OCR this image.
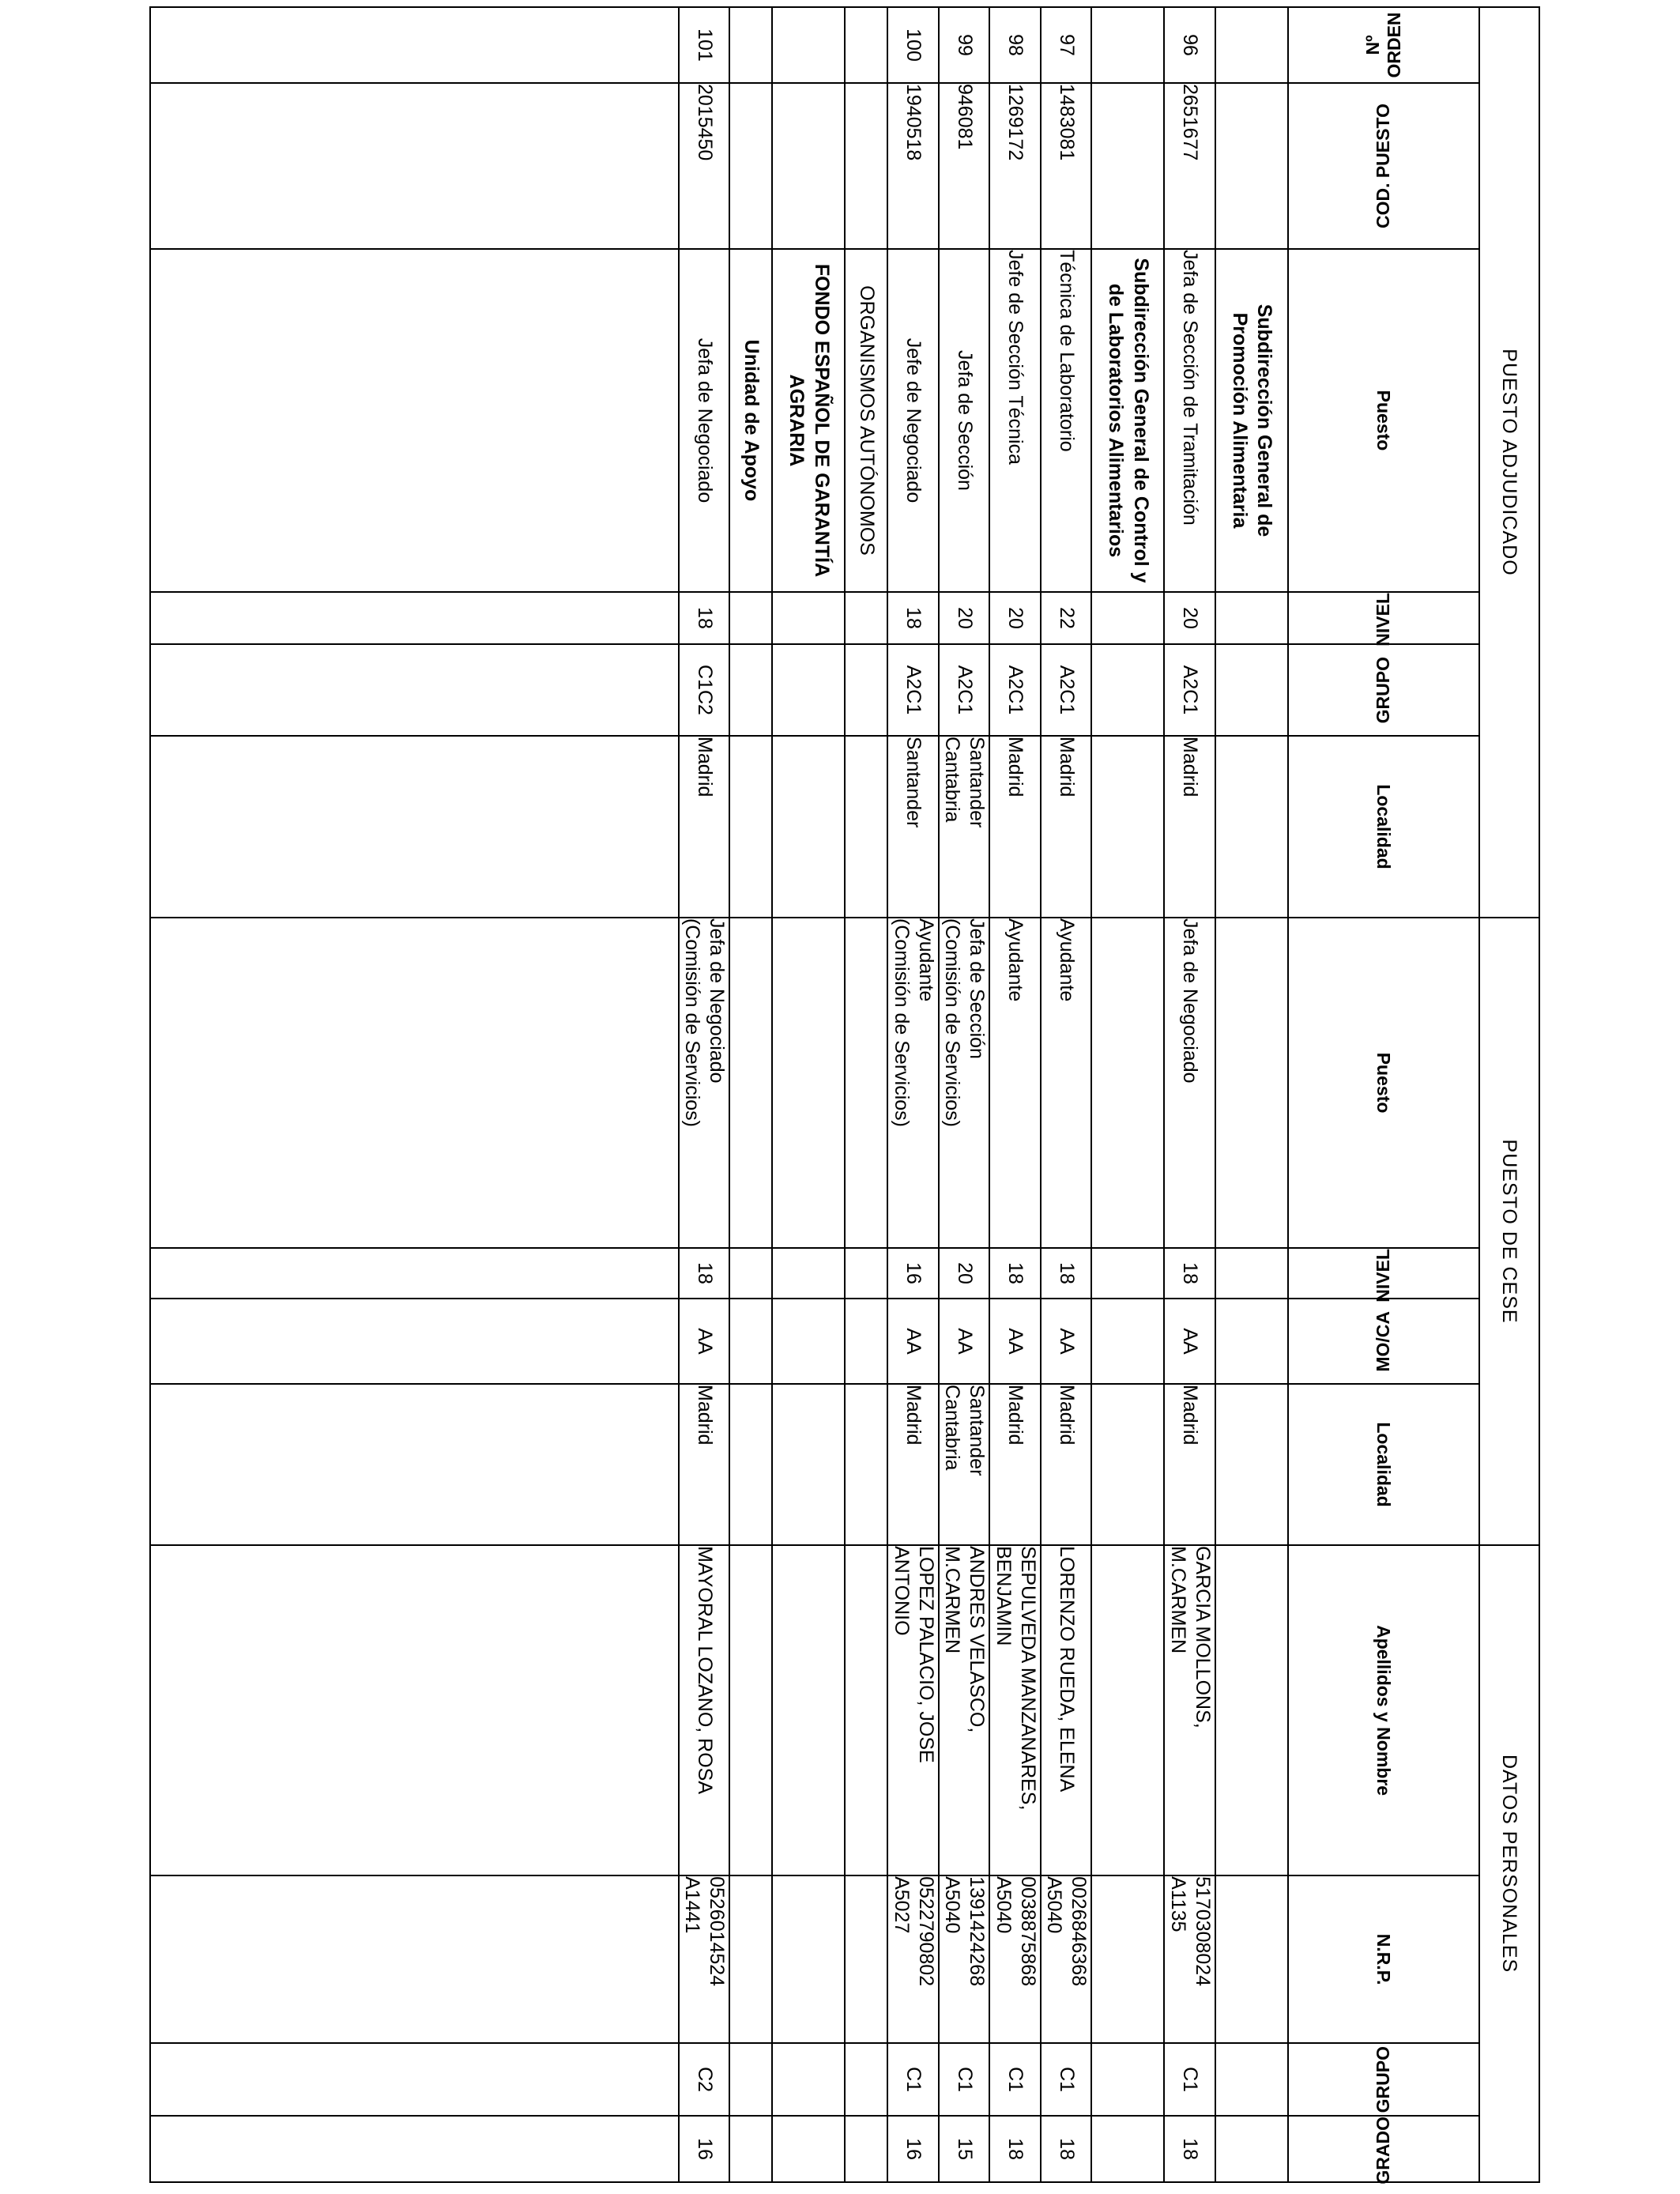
PUESTO ADJUDICADO						PUESTO DE CESE				DATOS PERSONALES			
Nº ORDEN	COD. PUESTO	Puesto	NIVEL	GRUPO	Localidad	Puesto	NIVEL	MO/CA	Localidad	Apellidos y Nombre	N.R.P.	GRUPO	GRADO
		Subdirección General de Promoción Alimentaria											
96	2651677	Jefa de Sección de Tramitación	20	A2C1	Madrid	Jefa de Negociado	18	AA	Madrid	GARCIA MOLLONS,
M.CARMEN	5170308024 A1135	C1	18
		Subdirección General de Control y de Laboratorios Alimentarios											
97	1483081	Técnica de Laboratorio	22	A2C1	Madrid	Ayudante	18	AA	Madrid	LORENZO RUEDA, ELENA	0026846368 A5040	C1	18
98	1269172	Jefe de Sección Técnica	20	A2C1	Madrid	Ayudante	18	AA	Madrid	SEPULVEDA MANZANARES,
BENJAMIN	0038875868 A5040	C1	18
99	946081	Jefa de Sección	20	A2C1	Santander
Cantabria	Jefa de Sección
(Comisión de Servicios)	20	AA	Santander
Cantabria	ANDRES VELASCO,
M.CARMEN	1391424268 A5040	C1	15
100	1940518	Jefe de Negociado	18	A2C1	Santander	Ayudante
(Comisión de Servicios)	16	AA	Madrid	LOPEZ PALACIO, JOSE
ANTONIO	0522790802 A5027	C1	16
		ORGANISMOS AUTÓNOMOS											
		FONDO ESPAÑOL DE GARANTÍA AGRARIA											
		Unidad de Apoyo											
101	2015450	Jefa de Negociado	18	C1C2	Madrid	Jefa de Negociado
(Comisión de Servicios)	18	AA	Madrid	MAYORAL LOZANO, ROSA	0526014524 A1441	C2	16
